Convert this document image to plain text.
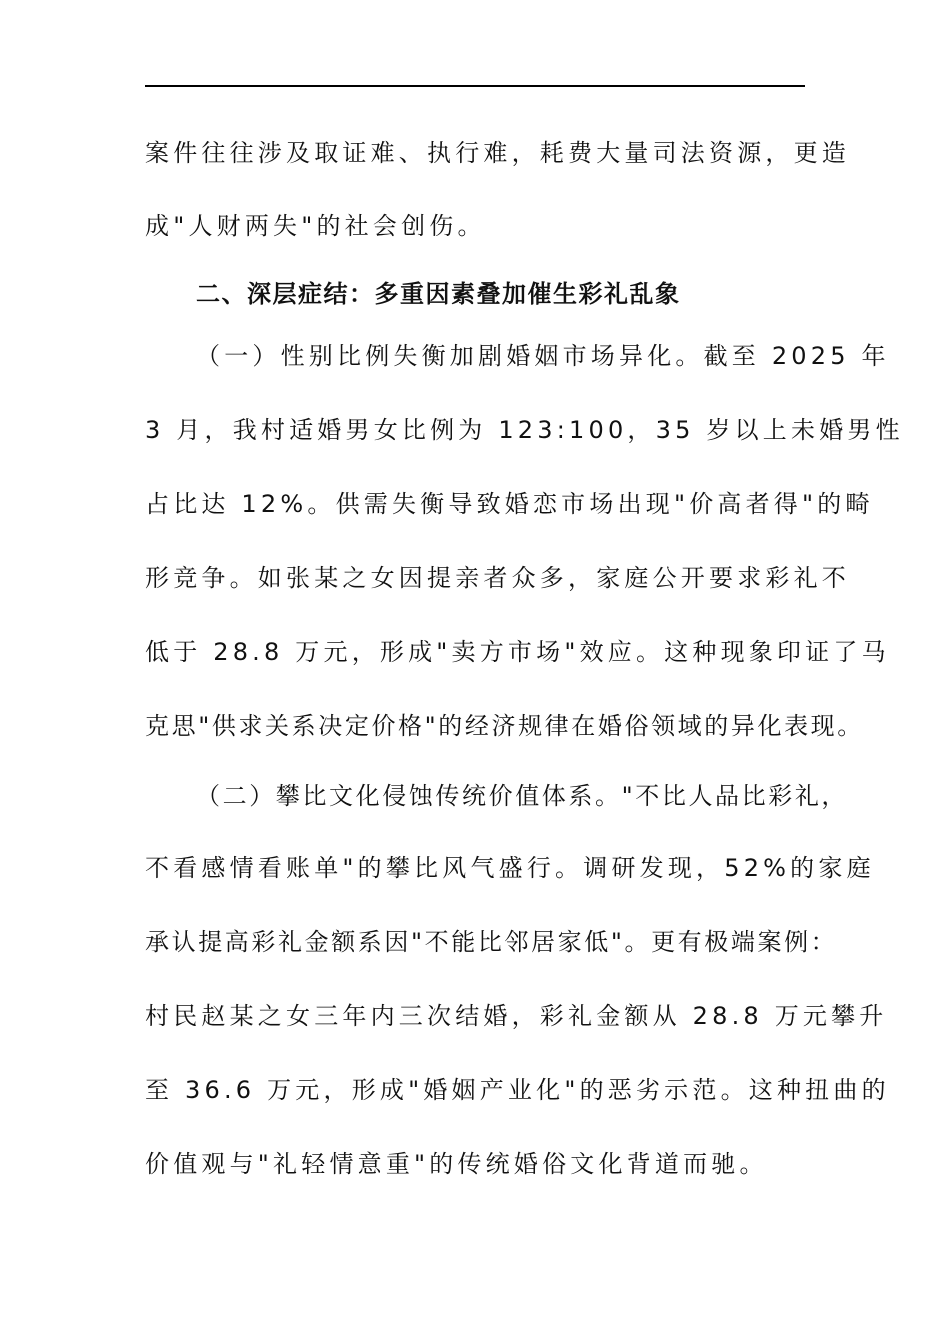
案件往往涉及取证难、执行难，耗费大量司法资源，更造
成"人财两失"的社会创伤。
二、深层症结：多重因素叠加催生彩礼乱象
（一）性别比例失衡加剧婚姻市场异化。截至 2025 年
3 月，我村适婚男女比例为 123:100，35 岁以上未婚男性
占比达 12%。供需失衡导致婚恋市场出现"价高者得"的畸
形竞争。如张某之女因提亲者众多，家庭公开要求彩礼不
低于 28.8 万元，形成"卖方市场"效应。这种现象印证了马
克思"供求关系决定价格"的经济规律在婚俗领域的异化表现。
（二）攀比文化侵蚀传统价值体系。"不比人品比彩礼，
不看感情看账单"的攀比风气盛行。调研发现，52%的家庭
承认提高彩礼金额系因"不能比邻居家低"。更有极端案例：
村民赵某之女三年内三次结婚，彩礼金额从 28.8 万元攀升
至 36.6 万元，形成"婚姻产业化"的恶劣示范。这种扭曲的
价值观与"礼轻情意重"的传统婚俗文化背道而驰。
